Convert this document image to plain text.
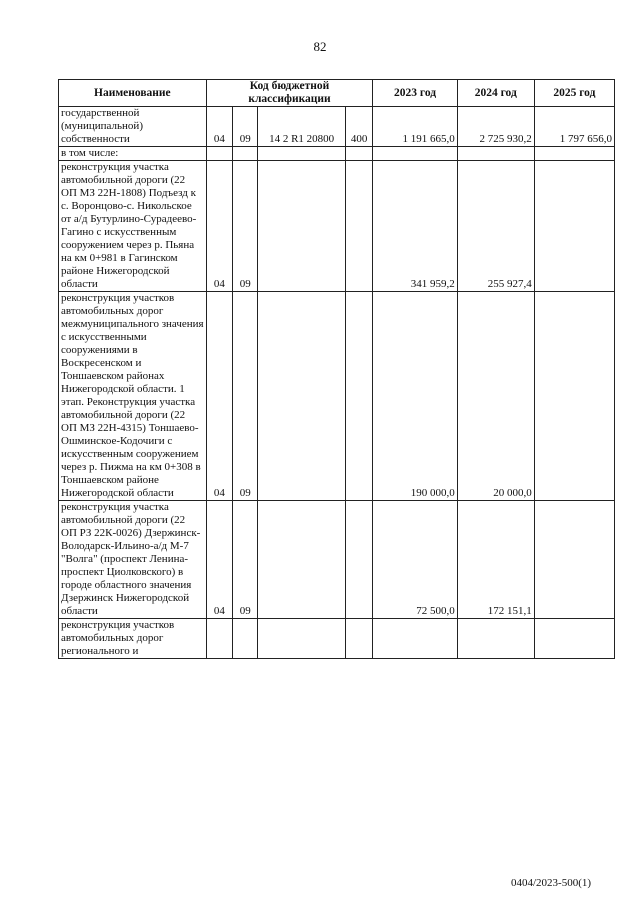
82
Наименование	Код бюджетной классификации				2023 год	2024 год	2025 год
государственной (муниципальной) собственности	04	09	14 2 R1 20800	400	1 191 665,0	2 725 930,2	1 797 656,0
в том числе:							
реконструкция участка автомобильной дороги (22 ОП МЗ 22Н-1808) Подъезд к с. Воронцово-с. Никольское от а/д Бутурлино-Сурадеево-Гагино с искусственным сооружением через р. Пьяна на км 0+981 в Гагинском районе Нижегородской области	04	09			341 959,2	255 927,4	
реконструкция участков автомобильных дорог межмуниципального значения с искусственными сооружениями в Воскресенском и Тоншаевском районах Нижегородской области. 1 этап. Реконструкция участка автомобильной дороги (22 ОП МЗ 22Н-4315) Тоншаево-Ошминское-Кодочиги с искусственным сооружением через р. Пижма на км 0+308 в Тоншаевском районе Нижегородской области	04	09			190 000,0	20 000,0	
реконструкция участка автомобильной дороги (22 ОП РЗ 22К-0026) Дзержинск-Володарск-Ильино-а/д М-7 "Волга" (проспект Ленина-проспект Циолковского) в городе областного значения Дзержинск Нижегородской области	04	09			72 500,0	172 151,1	
реконструкция участков автомобильных дорог регионального и							
0404/2023-500(1)
